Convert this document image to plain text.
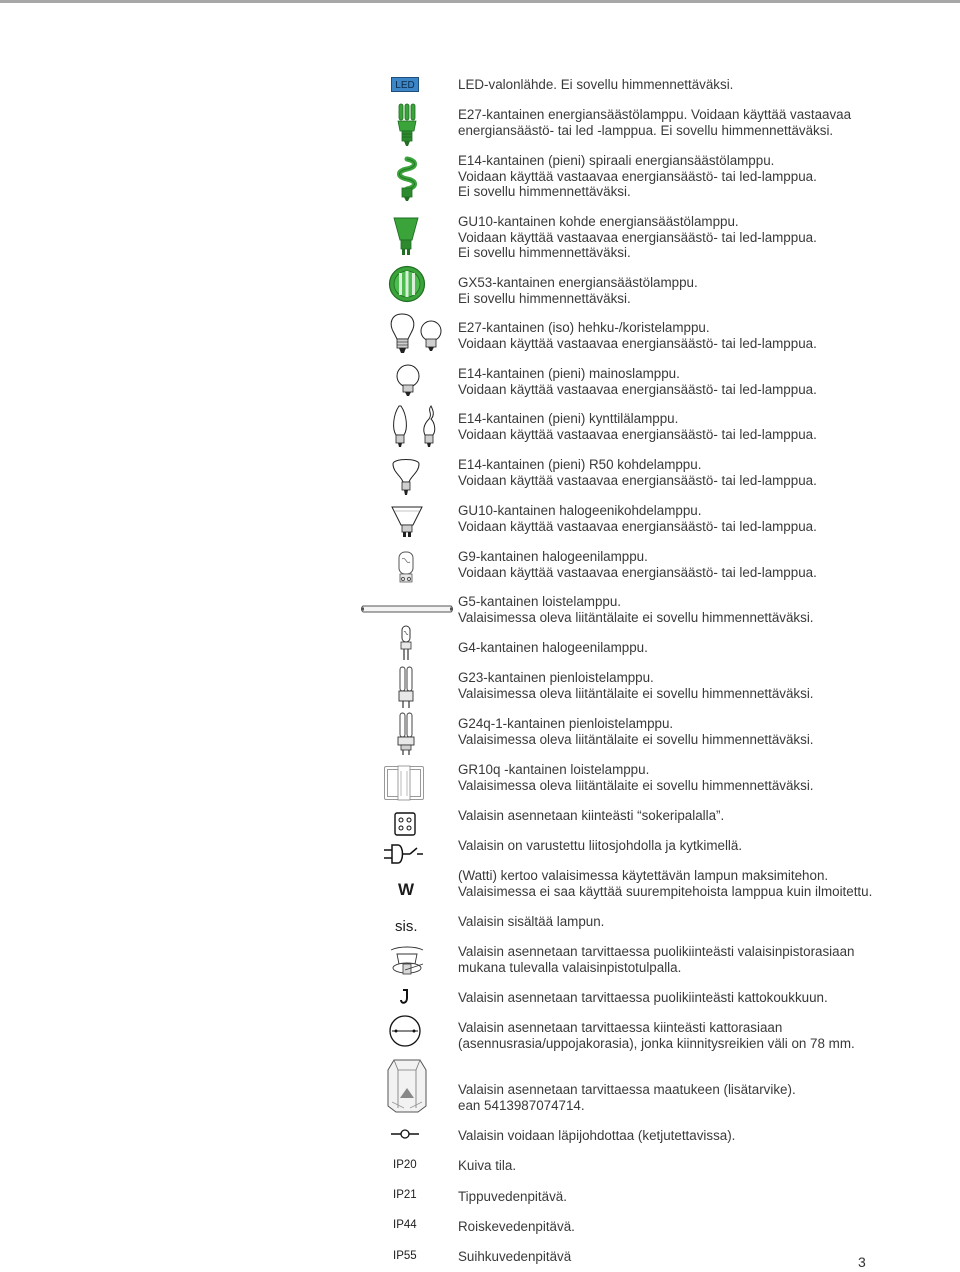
LED-valonlähde. Ei sovellu himmennettäväksi.
E27-kantainen energiansäästölamppu. Voidaan käyttää vastaavaa
energiansäästö- tai led -lamppua. Ei sovellu himmennettäväksi.
E14-kantainen (pieni) spiraali energiansäästölamppu.
Voidaan käyttää vastaavaa energiansäästö- tai led-lamppua.
Ei sovellu himmennettäväksi.
GU10-kantainen kohde energiansäästölamppu.
Voidaan käyttää vastaavaa energiansäästö- tai led-lamppua.
Ei sovellu himmennettäväksi.
GX53-kantainen energiansäästölamppu.
Ei sovellu himmennettäväksi.
E27-kantainen (iso) hehku-/koristelamppu.
Voidaan käyttää vastaavaa energiansäästö- tai led-lamppua.
E14-kantainen (pieni) mainoslamppu.
Voidaan käyttää vastaavaa energiansäästö- tai led-lamppua.
E14-kantainen (pieni) kynttilälamppu.
Voidaan käyttää vastaavaa energiansäästö- tai led-lamppua.
E14-kantainen (pieni) R50 kohdelamppu.
Voidaan käyttää vastaavaa energiansäästö- tai led-lamppua.
GU10-kantainen halogeenikohdelamppu.
Voidaan käyttää vastaavaa energiansäästö- tai led-lamppua.
G9-kantainen halogeenilamppu.
Voidaan käyttää vastaavaa energiansäästö- tai led-lamppua.
G5-kantainen loistelamppu.
Valaisimessa oleva liitäntälaite ei sovellu himmennettäväksi.
G4-kantainen halogeenilamppu.
G23-kantainen pienloistelamppu.
Valaisimessa oleva liitäntälaite ei sovellu himmennettäväksi.
G24q-1-kantainen pienloistelamppu.
Valaisimessa oleva liitäntälaite ei sovellu himmennettäväksi.
GR10q -kantainen loistelamppu.
Valaisimessa oleva liitäntälaite ei sovellu himmennettäväksi.
Valaisin asennetaan kiinteästi “sokeripalalla”.
Valaisin on varustettu liitosjohdolla ja kytkimellä.
(Watti) kertoo valaisimessa käytettävän lampun maksimitehon.
Valaisimessa ei saa käyttää suurempitehoista lamppua kuin ilmoitettu.
Valaisin sisältää lampun.
Valaisin asennetaan tarvittaessa puolikiinteästi valaisinpistorasiaan
mukana tulevalla valaisinpistotulpalla.
Valaisin asennetaan tarvittaessa puolikiinteästi kattokoukkuun.
Valaisin asennetaan tarvittaessa kiinteästi kattorasiaan
(asennusrasia/uppojakorasia), jonka kiinnitysreikien väli on 78 mm.
Valaisin asennetaan tarvittaessa maatukeen (lisätarvike).
ean 5413987074714.
Valaisin voidaan läpijohdottaa (ketjutettavissa).
Kuiva tila.
Tippuvedenpitävä.
Roiskevedenpitävä.
Suihkuvedenpitävä
LED
W
sis.
IP20
IP21
IP44
IP55	3
